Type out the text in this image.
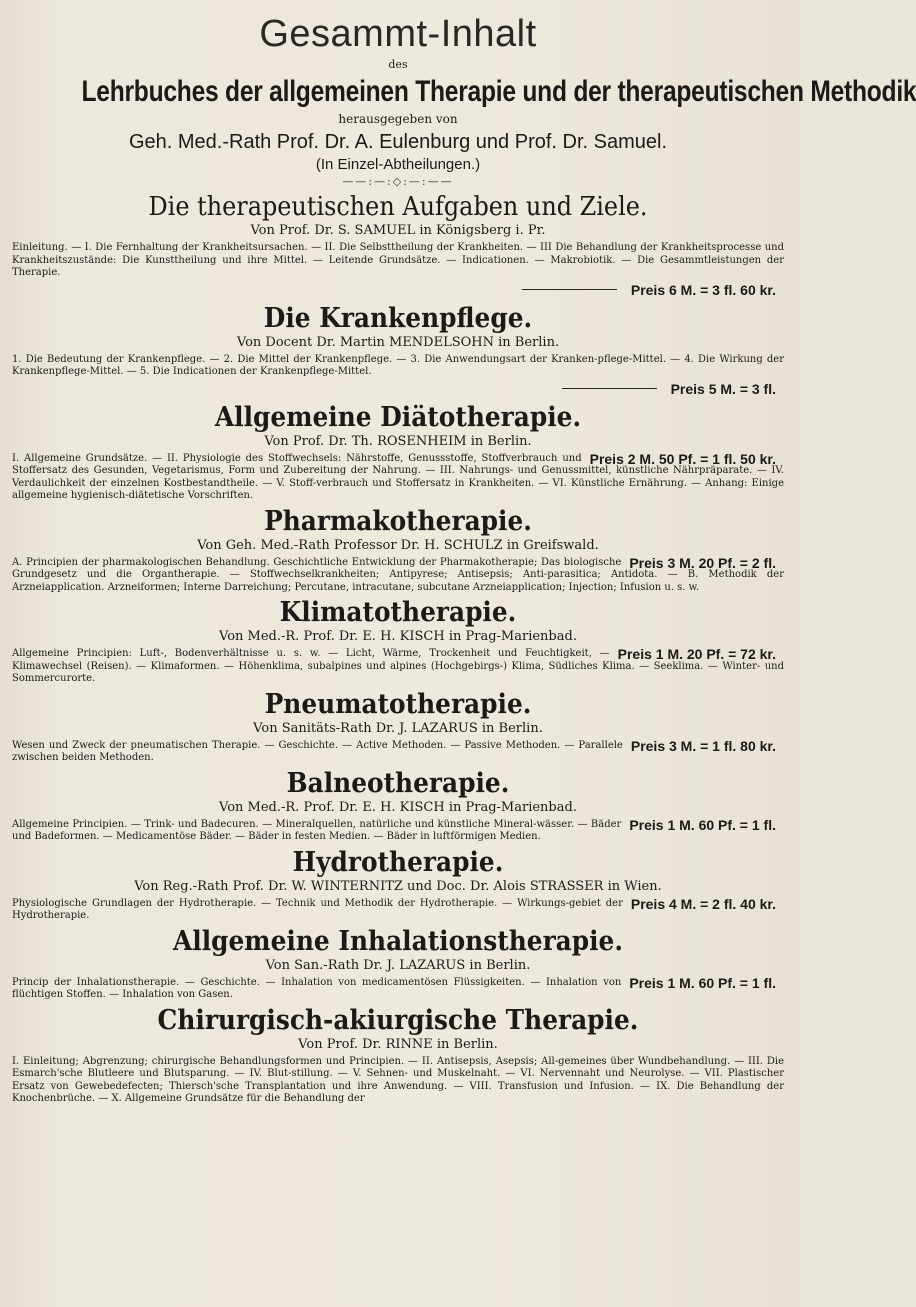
Gesammt-Inhalt
des
Lehrbuches der allgemeinen Therapie und der therapeutischen Methodik
herausgegeben von
Geh. Med.-Rath Prof. Dr. A. Eulenburg und Prof. Dr. Samuel.
(In Einzel-Abtheilungen.)
——:—:◇:—:——
Die therapeutischen Aufgaben und Ziele.
Von Prof. Dr. S. SAMUEL in Königsberg i. Pr.
Einleitung. — I. Die Fernhaltung der Krankheitsursachen. — II. Die Selbsttheilung der Krankheiten. — III Die Behandlung der Krankheitsprocesse und Krankheitszustände: Die Kunsttheilung und ihre Mittel. — Leitende Grundsätze. — Indicationen. — Makrobiotik. — Die Gesammtleistungen der Therapie.
Preis 6 M. = 3 fl. 60 kr.
Die Krankenpflege.
Von Docent Dr. Martin MENDELSOHN in Berlin.
1. Die Bedeutung der Krankenpflege. — 2. Die Mittel der Krankenpflege. — 3. Die Anwendungsart der Kranken-pflege-Mittel. — 4. Die Wirkung der Krankenpflege-Mittel. — 5. Die Indicationen der Krankenpflege-Mittel.
Preis 5 M. = 3 fl.
Allgemeine Diätotherapie.
Von Prof. Dr. Th. ROSENHEIM in Berlin.
Preis 2 M. 50 Pf. = 1 fl. 50 kr.
I. Allgemeine Grundsätze. — II. Physiologie des Stoffwechsels: Nährstoffe, Genussstoffe, Stoffverbrauch und Stoffersatz des Gesunden, Vegetarismus, Form und Zubereitung der Nahrung. — III. Nahrungs- und Genussmittel, künstliche Nährpräparate. — IV. Verdaulichkeit der einzelnen Kostbestandtheile. — V. Stoff-verbrauch und Stoffersatz in Krankheiten. — VI. Künstliche Ernährung. — Anhang: Einige allgemeine hygienisch-diätetische Vorschriften.
Pharmakotherapie.
Von Geh. Med.-Rath Professor Dr. H. SCHULZ in Greifswald.
Preis 3 M. 20 Pf. = 2 fl.
A. Principien der pharmakologischen Behandlung. Geschichtliche Entwicklung der Pharmakotherapie; Das biologische Grundgesetz und die Organtherapie. — Stoffwechselkrankheiten; Antipyrese; Antisepsis; Anti-parasitica; Antidota. — B. Methodik der Arzneiapplication. Arzneiformen; Interne Darreichung; Percutane, intracutane, subcutane Arzneiapplication; Injection; Infusion u. s. w.
Klimatotherapie.
Von Med.-R. Prof. Dr. E. H. KISCH in Prag-Marienbad.
Preis 1 M. 20 Pf. = 72 kr.
Allgemeine Principien: Luft-, Bodenverhältnisse u. s. w. — Licht, Wärme, Trockenheit und Feuchtigkeit, — Klimawechsel (Reisen). — Klimaformen. — Höhenklima, subalpines und alpines (Hochgebirgs-) Klima, Südliches Klima. — Seeklima. — Winter- und Sommercurorte.
Pneumatotherapie.
Von Sanitäts-Rath Dr. J. LAZARUS in Berlin.
Preis 3 M. = 1 fl. 80 kr.
Wesen und Zweck der pneumatischen Therapie. — Geschichte. — Active Methoden. — Passive Methoden. — Parallele zwischen beiden Methoden.
Balneotherapie.
Von Med.-R. Prof. Dr. E. H. KISCH in Prag-Marienbad.
Preis 1 M. 60 Pf. = 1 fl.
Allgemeine Principien. — Trink- und Badecuren. — Mineralquellen, natürliche und künstliche Mineral-wässer. — Bäder und Badeformen. — Medicamentöse Bäder. — Bäder in festen Medien. — Bäder in luftförmigen Medien.
Hydrotherapie.
Von Reg.-Rath Prof. Dr. W. WINTERNITZ und Doc. Dr. Alois STRASSER in Wien.
Preis 4 M. = 2 fl. 40 kr.
Physiologische Grundlagen der Hydrotherapie. — Technik und Methodik der Hydrotherapie. — Wirkungs-gebiet der Hydrotherapie.
Allgemeine Inhalationstherapie.
Von San.-Rath Dr. J. LAZARUS in Berlin.
Preis 1 M. 60 Pf. = 1 fl.
Princip der Inhalationstherapie. — Geschichte. — Inhalation von medicamentösen Flüssigkeiten. — Inhalation von flüchtigen Stoffen. — Inhalation von Gasen.
Chirurgisch-akiurgische Therapie.
Von Prof. Dr. RINNE in Berlin.
I. Einleitung; Abgrenzung; chirurgische Behandlungsformen und Principien. — II. Antisepsis, Asepsis; All-gemeines über Wundbehandlung. — III. Die Esmarch'sche Blutleere und Blutsparung. — IV. Blut-stillung. — V. Sehnen- und Muskelnaht. — VI. Nervennaht und Neurolyse. — VII. Plastischer Ersatz von Gewebedefecten; Thiersch'sche Transplantation und ihre Anwendung. — VIII. Transfusion und Infusion. — IX. Die Behandlung der Knochenbrüche. — X. Allgemeine Grundsätze für die Behandlung der
